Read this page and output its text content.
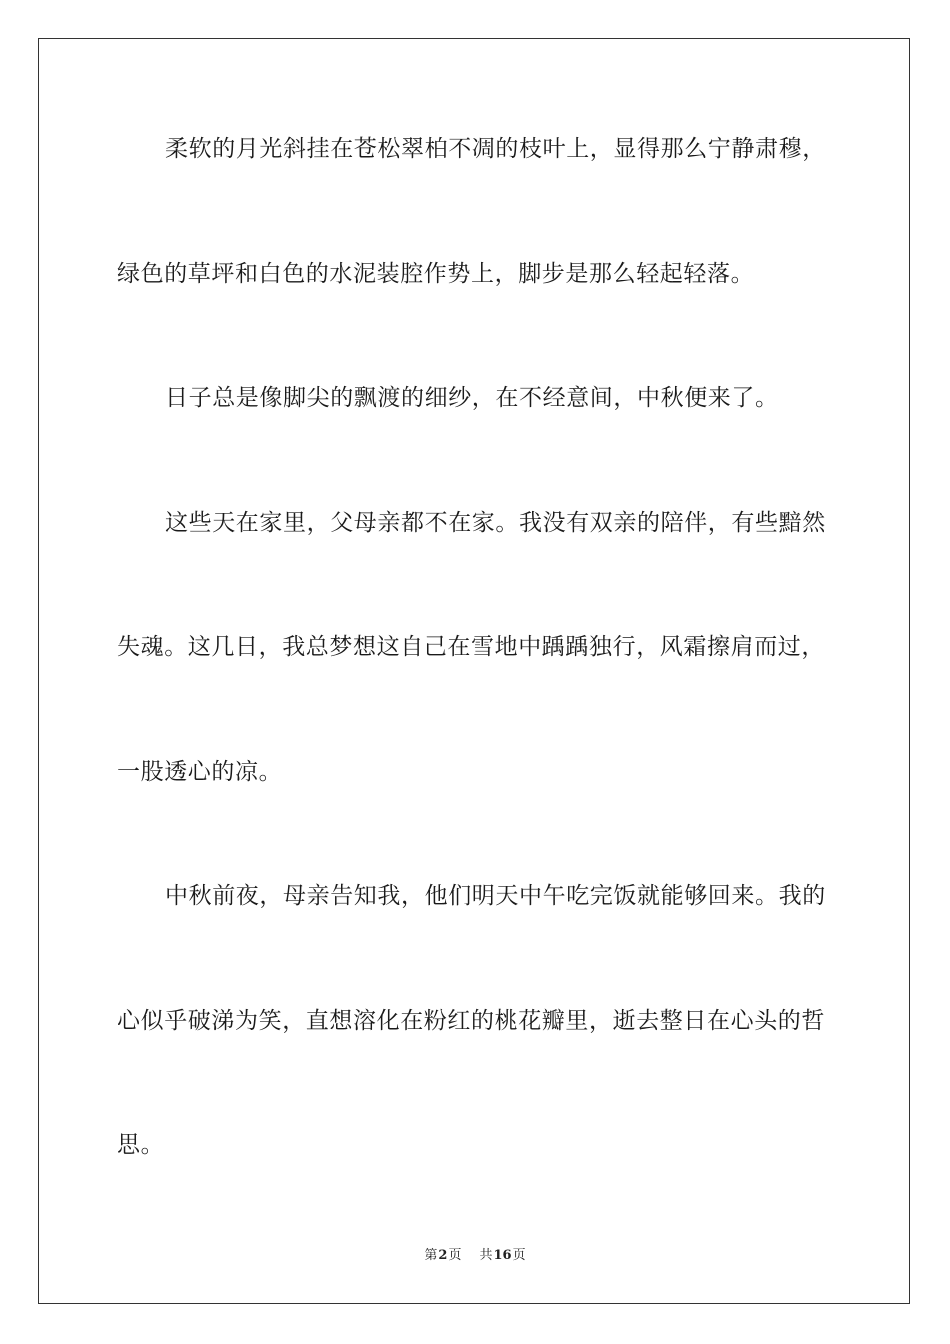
柔软的月光斜挂在苍松翠柏不凋的枝叶上，显得那么宁静肃穆，
绿色的草坪和白色的水泥装腔作势上，脚步是那么轻起轻落。
日子总是像脚尖的飘渡的细纱，在不经意间，中秋便来了。
这些天在家里，父母亲都不在家。我没有双亲的陪伴，有些黯然
失魂。这几日，我总梦想这自己在雪地中踽踽独行，风霜擦肩而过，
一股透心的凉。
中秋前夜，母亲告知我，他们明天中午吃完饭就能够回来。我的
心似乎破涕为笑，直想溶化在粉红的桃花瓣里，逝去整日在心头的哲
思。
第2页 共16页
